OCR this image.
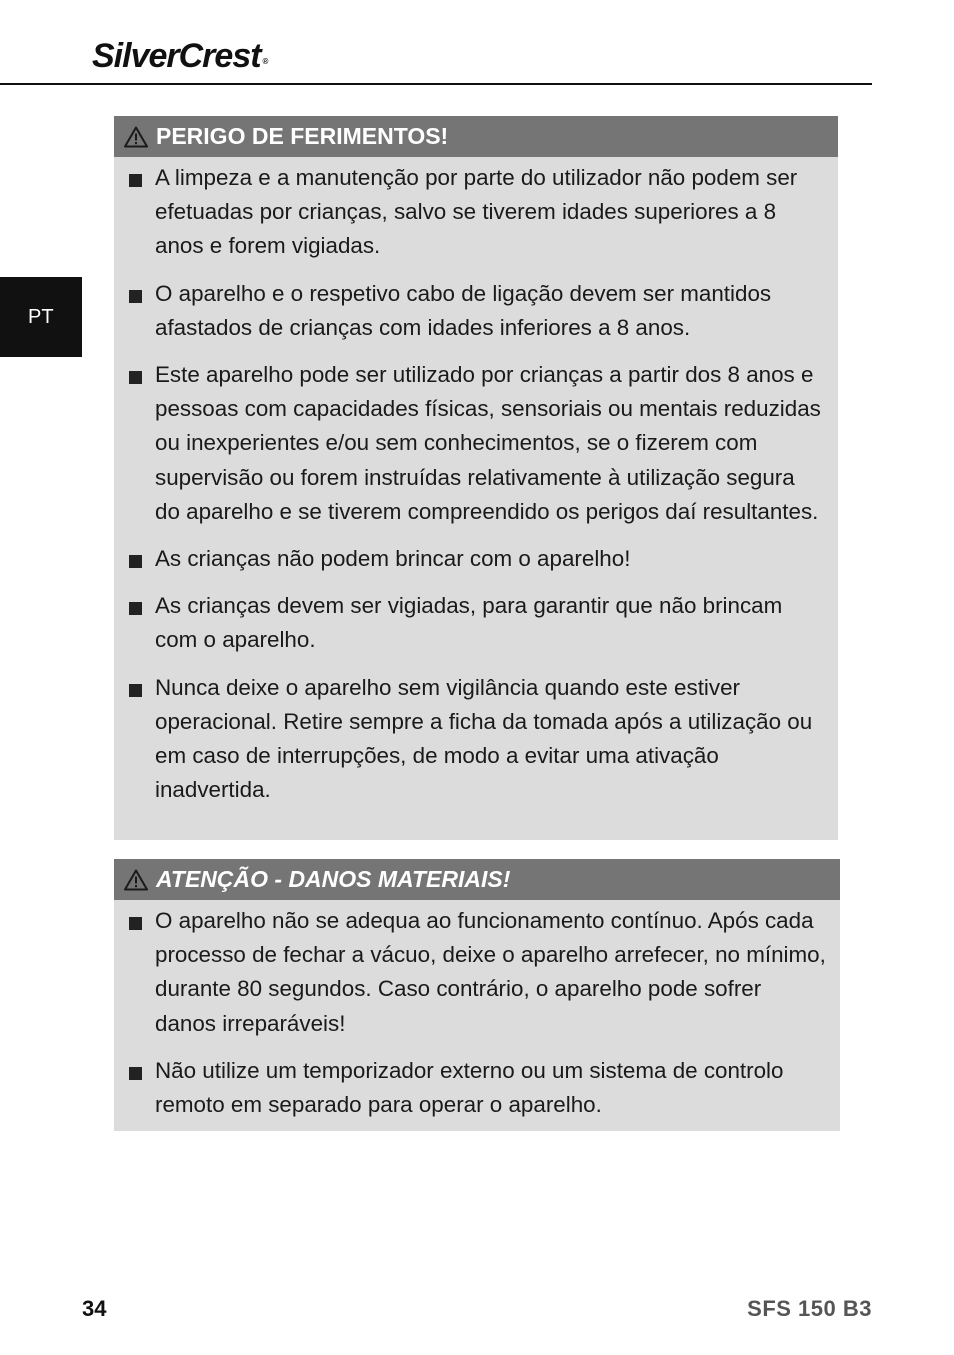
SilverCrest ®
PT
PERIGO DE FERIMENTOS!
A limpeza e a manutenção por parte do utilizador não podem ser efetuadas por crianças, salvo se tiverem idades superiores a 8 anos e forem vigiadas.
O aparelho e o respetivo cabo de ligação devem ser mantidos afastados de crianças com idades inferiores a 8 anos.
Este aparelho pode ser utilizado por crianças a partir dos 8 anos e pessoas com capacidades físicas, sensoriais ou mentais reduzidas ou inexperientes e/ou sem conhecimentos, se o fizerem com supervisão ou forem instruídas relativamente à utilização segura do aparelho e se tiverem compreendido os perigos daí resultantes.
As crianças não podem brincar com o aparelho!
As crianças devem ser vigiadas, para garantir que não brincam com o aparelho.
Nunca deixe o aparelho sem vigilância quando este estiver operacional. Retire sempre a ficha da tomada após a utilização ou em caso de interrupções, de modo a evitar uma ativação inadvertida.
ATENÇÃO - DANOS MATERIAIS!
O aparelho não se adequa ao funcionamento contínuo. Após cada processo de fechar a vácuo, deixe o aparelho arrefecer, no mínimo, durante 80 segundos. Caso contrário, o aparelho pode sofrer danos irreparáveis!
Não utilize um temporizador externo ou um sistema de controlo remoto em separado para operar o aparelho.
34	SFS 150 B3
